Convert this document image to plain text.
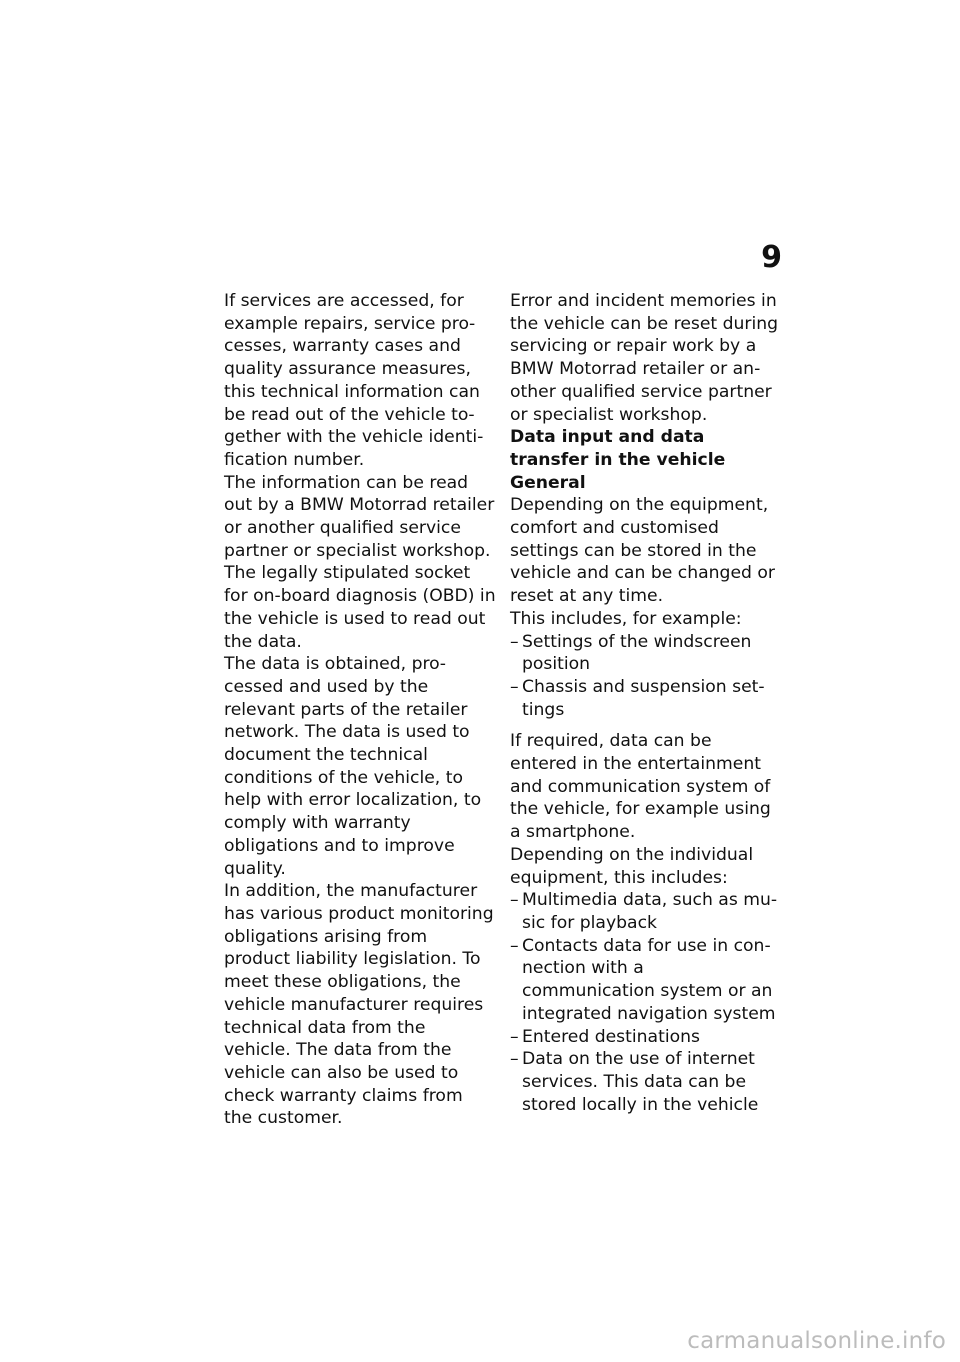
9

If services are accessed, for example repairs, service processes, warranty cases and quality assurance measures, this technical information can be read out of the vehicle together with the vehicle identification number.

The information can be read out by a BMW Motorrad retailer or another qualified service partner or specialist workshop. The legally stipulated socket for on-board diagnosis (OBD) in the vehicle is used to read out the data.

The data is obtained, processed and used by the relevant parts of the retailer network. The data is used to document the technical conditions of the vehicle, to help with error localization, to comply with warranty obligations and to improve quality.

In addition, the manufacturer has various product monitoring obligations arising from product liability legislation. To meet these obligations, the vehicle manufacturer requires technical data from the vehicle. The data from the vehicle can also be used to check warranty claims from the customer.

Error and incident memories in the vehicle can be reset during servicing or repair work by a BMW Motorrad retailer or another qualified service partner or specialist workshop.

Data input and data transfer in the vehicle

General

Depending on the equipment, comfort and customised settings can be stored in the vehicle and can be changed or reset at any time.

This includes, for example:

– Settings of the windscreen position

– Chassis and suspension settings

If required, data can be entered in the entertainment and communication system of the vehicle, for example using a smartphone.

Depending on the individual equipment, this includes:

– Multimedia data, such as music for playback

– Contacts data for use in connection with a communication system or an integrated navigation system

– Entered destinations

– Data on the use of internet services. This data can be stored locally in the vehicle

carmanualsonline.info
